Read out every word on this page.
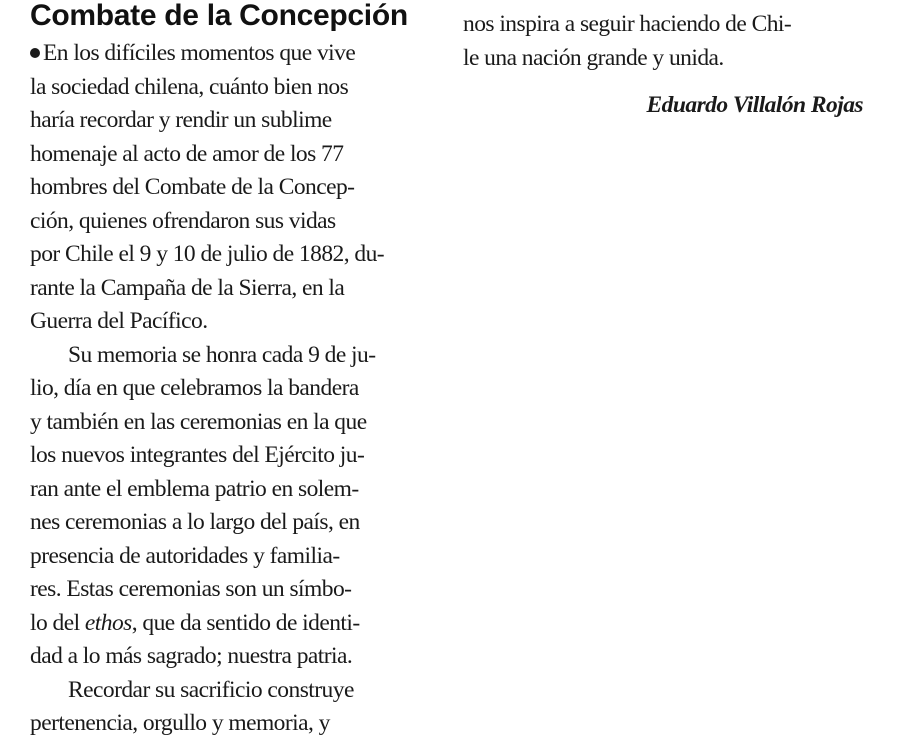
Combate de la Concepción
En los difíciles momentos que vive
la sociedad chilena, cuánto bien nos
haría recordar y rendir un sublime
homenaje al acto de amor de los 77
hombres del Combate de la Concep-
ción, quienes ofrendaron sus vidas
por Chile el 9 y 10 de julio de 1882, du-
rante la Campaña de la Sierra, en la
Guerra del Pacífico.
Su memoria se honra cada 9 de ju-
lio, día en que celebramos la bandera
y también en las ceremonias en la que
los nuevos integrantes del Ejército ju-
ran ante el emblema patrio en solem-
nes ceremonias a lo largo del país, en
presencia de autoridades y familia-
res. Estas ceremonias son un símbo-
lo del ethos, que da sentido de identi-
dad a lo más sagrado; nuestra patria.
Recordar su sacrificio construye
pertenencia, orgullo y memoria, y
nos inspira a seguir haciendo de Chi-
le una nación grande y unida.
Eduardo Villalón Rojas
